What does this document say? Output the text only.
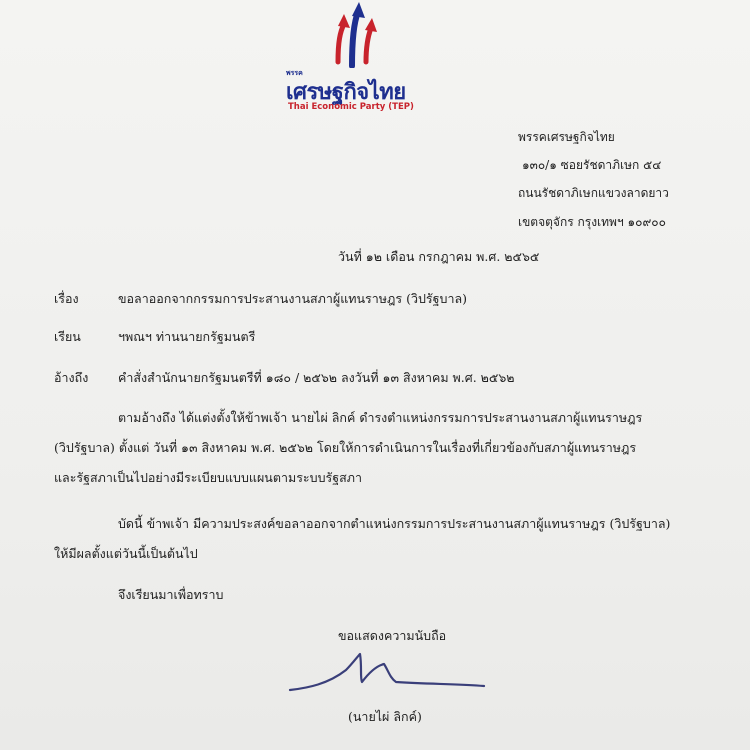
พรรค
เศรษฐกิจไทย
Thai Economic Party (TEP)
พรรคเศรษฐกิจไทย
๑๓๐/๑ ซอยรัชดาภิเษก ๕๔
ถนนรัชดาภิเษกแขวงลาดยาว
เขตจตุจักร กรุงเทพฯ ๑๐๙๐๐
วันที่ ๑๒ เดือน กรกฎาคม พ.ศ. ๒๕๖๕
เรื่อง	ขอลาออกจากกรรมการประสานงานสภาผู้แทนราษฎร (วิปรัฐบาล)
เรียน	ฯพณฯ ท่านนายกรัฐมนตรี
อ้างถึง คำสั่งสำนักนายกรัฐมนตรีที่ ๑๘๐ / ๒๕๖๒ ลงวันที่ ๑๓ สิงหาคม พ.ศ. ๒๕๖๒
ตามอ้างถึง ได้แต่งตั้งให้ข้าพเจ้า นายไผ่ ลิกค์ ดำรงตำแหน่งกรรมการประสานงานสภาผู้แทนราษฎร
(วิปรัฐบาล) ตั้งแต่ วันที่ ๑๓ สิงหาคม พ.ศ. ๒๕๖๒ โดยให้การดำเนินการในเรื่องที่เกี่ยวข้องกับสภาผู้แทนราษฎร
และรัฐสภาเป็นไปอย่างมีระเบียบแบบแผนตามระบบรัฐสภา
บัดนี้ ข้าพเจ้า มีความประสงค์ขอลาออกจากตำแหน่งกรรมการประสานงานสภาผู้แทนราษฎร (วิปรัฐบาล)
ให้มีผลตั้งแต่วันนี้เป็นต้นไป
จึงเรียนมาเพื่อทราบ
ขอแสดงความนับถือ
(นายไผ่ ลิกค์)
